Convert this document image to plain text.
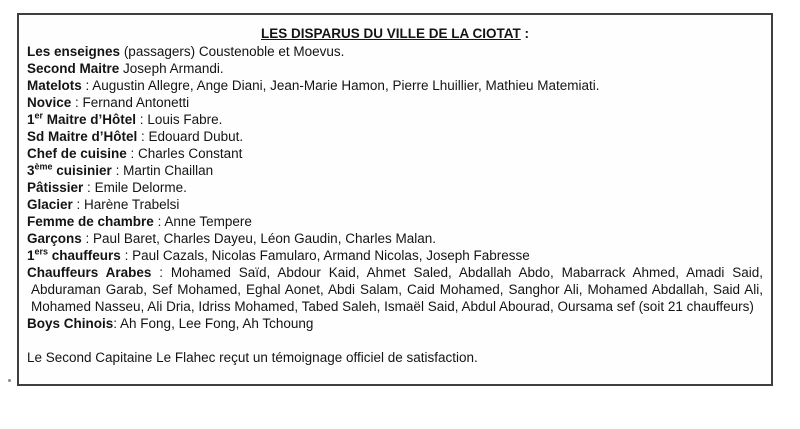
LES DISPARUS DU VILLE DE LA CIOTAT :

Les enseignes (passagers) Coustenoble et Moevus.

Second Maitre Joseph Armandi.

Matelots : Augustin Allegre, Ange Diani, Jean-Marie Hamon, Pierre Lhuillier, Mathieu Matemiati.

Novice : Fernand Antonetti

1er Maitre d’Hôtel : Louis Fabre.

Sd Maitre d’Hôtel : Edouard Dubut.

Chef de cuisine : Charles Constant

3ème cuisinier : Martin Chaillan

Pâtissier : Emile Delorme.

Glacier : Harène Trabelsi

Femme de chambre : Anne Tempere

Garçons : Paul Baret, Charles Dayeu, Léon Gaudin, Charles Malan.

1ers chauffeurs : Paul Cazals, Nicolas Famularo, Armand Nicolas, Joseph Fabresse

Chauffeurs Arabes : Mohamed Saïd, Abdour Kaid, Ahmet Saled, Abdallah Abdo, Mabarrack Ahmed, Amadi Said, Abduraman Garab, Sef Mohamed, Eghal Aonet, Abdi Salam, Caid Mohamed, Sanghor Ali, Mohamed Abdallah, Said Ali, Mohamed Nasseu, Ali Dria, Idriss Mohamed, Tabed Saleh, Ismaël Said, Abdul Abourad, Oursama sef (soit 21 chauffeurs)

Boys Chinois: Ah Fong, Lee Fong, Ah Tchoung

Le Second Capitaine Le Flahec reçut un témoignage officiel de satisfaction.
